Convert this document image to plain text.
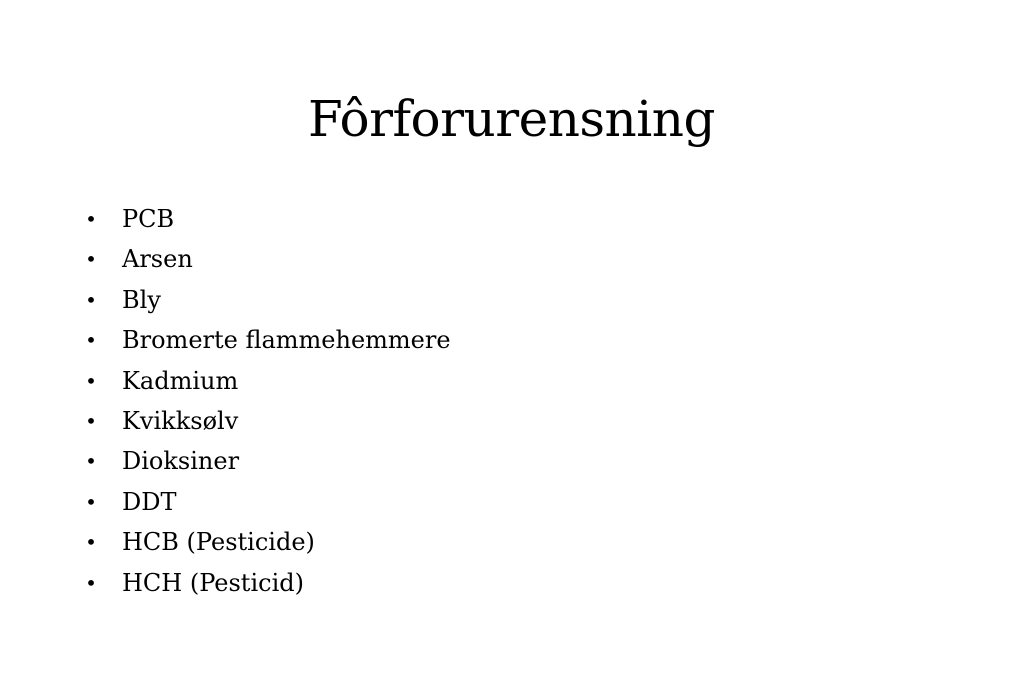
Fôrforurensning
• PCB
• Arsen
• Bly
• Bromerte flammehemmere
• Kadmium
• Kvikksølv
• Dioksiner
• DDT
• HCB (Pesticide)
• HCH (Pesticid)
